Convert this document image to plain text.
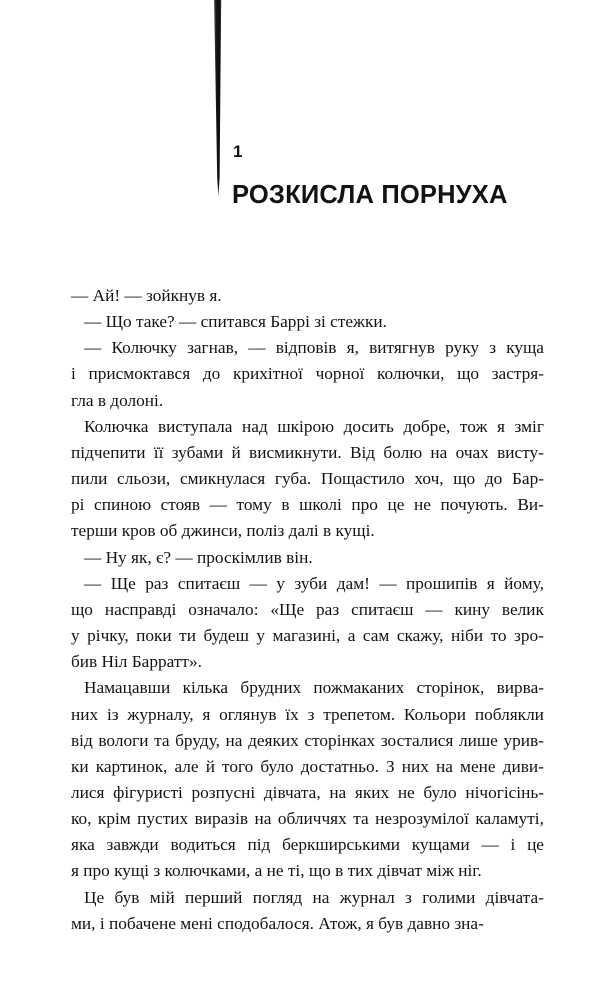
1
РОЗКИСЛА ПОРНУХА
— Ай! — зойкнув я.
— Що таке? — спитався Баррі зі стежки.
— Колючку загнав, — відповів я, витягнув руку з куща
і присмоктався до крихітної чорної колючки, що застря-
гла в долоні.
Колючка виступала над шкірою досить добре, тож я зміг
підчепити її зубами й висмикнути. Від болю на очах висту-
пили сльози, смикнулася губа. Пощастило хоч, що до Бар-
рі спиною стояв — тому в школі про це не почують. Ви-
терши кров об джинси, поліз далі в кущі.
— Ну як, є? — проскімлив він.
— Ще раз спитаєш — у зуби дам! — прошипів я йому,
що насправді означало: «Ще раз спитаєш — кину велик
у річку, поки ти будеш у магазині, а сам скажу, ніби то зро-
бив Ніл Барратт».
Намацавши кілька брудних пожмаканих сторінок, вирва-
них із журналу, я оглянув їх з трепетом. Кольори поблякли
від вологи та бруду, на деяких сторінках зосталися лише урив-
ки картинок, але й того було достатньо. З них на мене диви-
лися фігуристі розпусні дівчата, на яких не було нічогісінь-
ко, крім пустих виразів на обличчях та незрозумілої каламуті,
яка завжди водиться під беркширськими кущами — і це
я про кущі з колючками, а не ті, що в тих дівчат між ніг.
Це був мій перший погляд на журнал з голими дівчата-
ми, і побачене мені сподобалося. Атож, я був давно зна-
